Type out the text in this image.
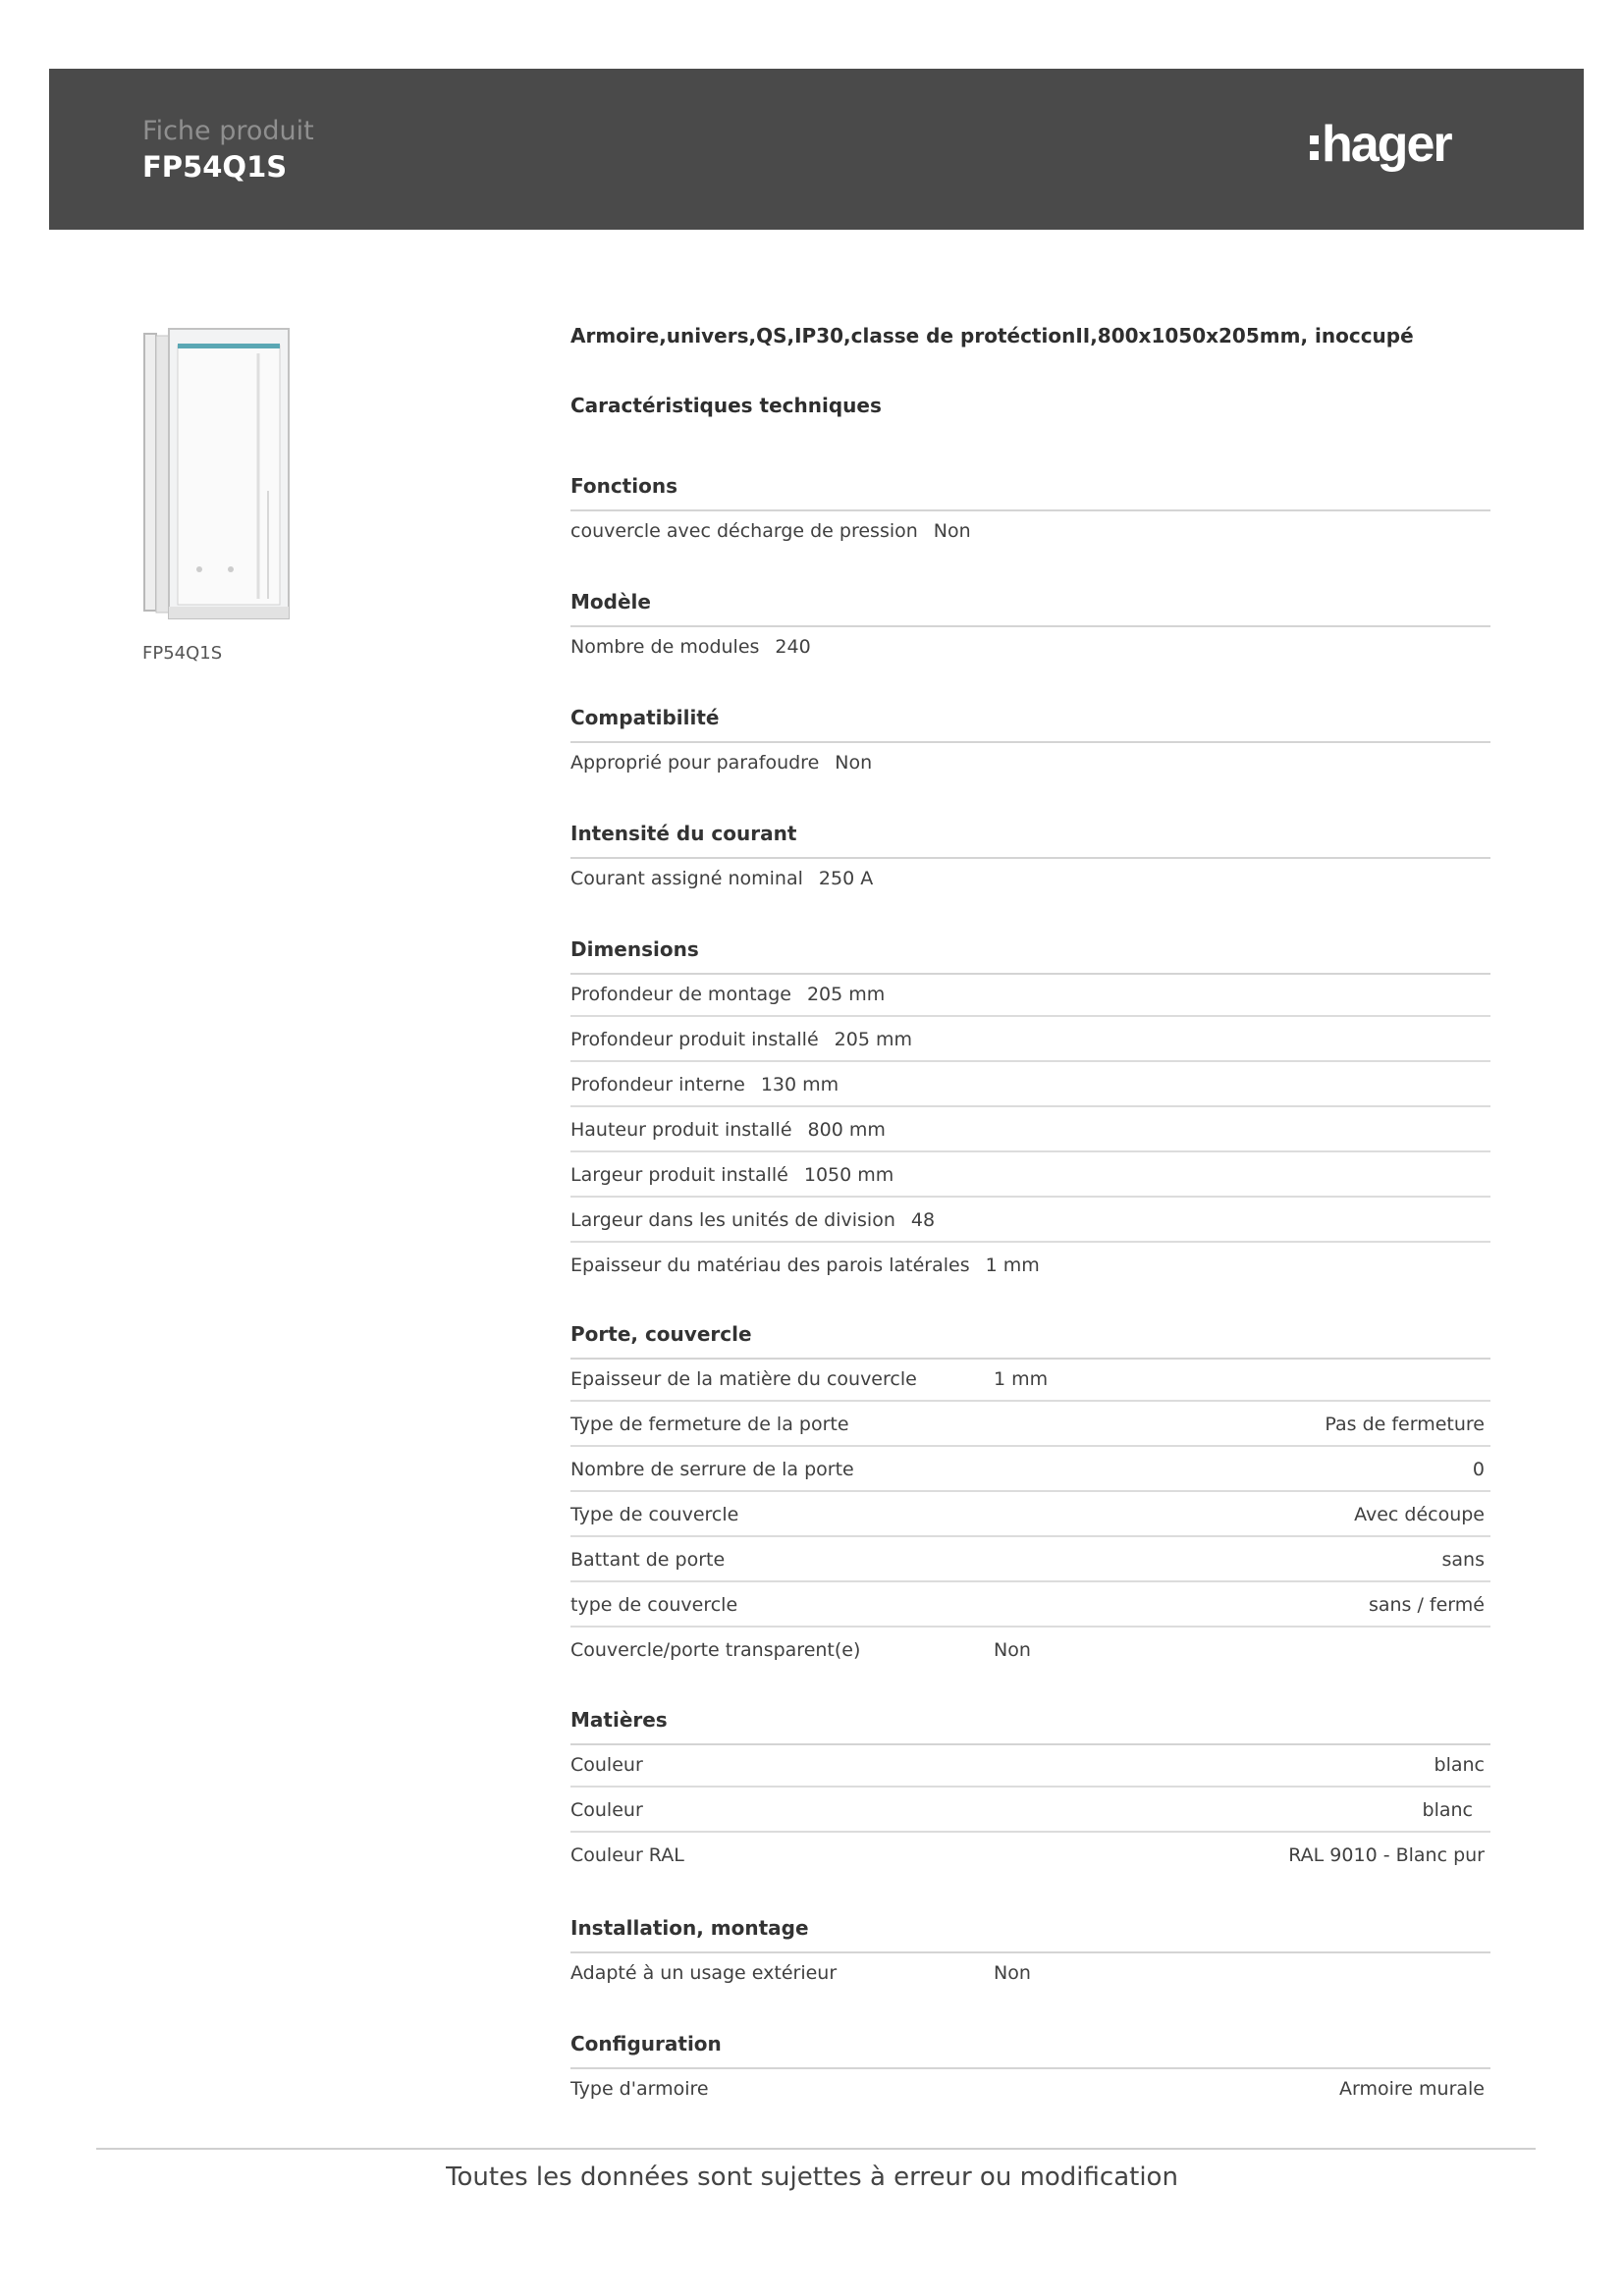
Fiche produit
FP54Q1S	hager
FP54Q1S
Armoire,univers,QS,IP30,classe de protéctionII,800x1050x205mm, inoccupé
Caractéristiques techniques
Fonctions
couvercle avec décharge de pression Non
Modèle
Nombre de modules 240
Compatibilité
Approprié pour parafoudre Non
Intensité du courant
Courant assigné nominal 250 A
Dimensions
Profondeur de montage 205 mm
Profondeur produit installé 205 mm
Profondeur interne 130 mm
Hauteur produit installé 800 mm
Largeur produit installé 1050 mm
Largeur dans les unités de division 48
Epaisseur du matériau des parois latérales 1 mm
Porte, couvercle
Epaisseur de la matière du couvercle	1 mm
Type de fermeture de la porte	Pas de fermeture
Nombre de serrure de la porte	0
Type de couvercle	Avec découpe
Battant de porte	sans
type de couvercle	sans / fermé
Couvercle/porte transparent(e)	Non
Matières
Couleur	blanc
Couleur	blanc
Couleur RAL	RAL 9010 - Blanc pur
Installation, montage
Adapté à un usage extérieur	Non
Configuration
Type d'armoire	Armoire murale
Toutes les données sont sujettes à erreur ou modification
